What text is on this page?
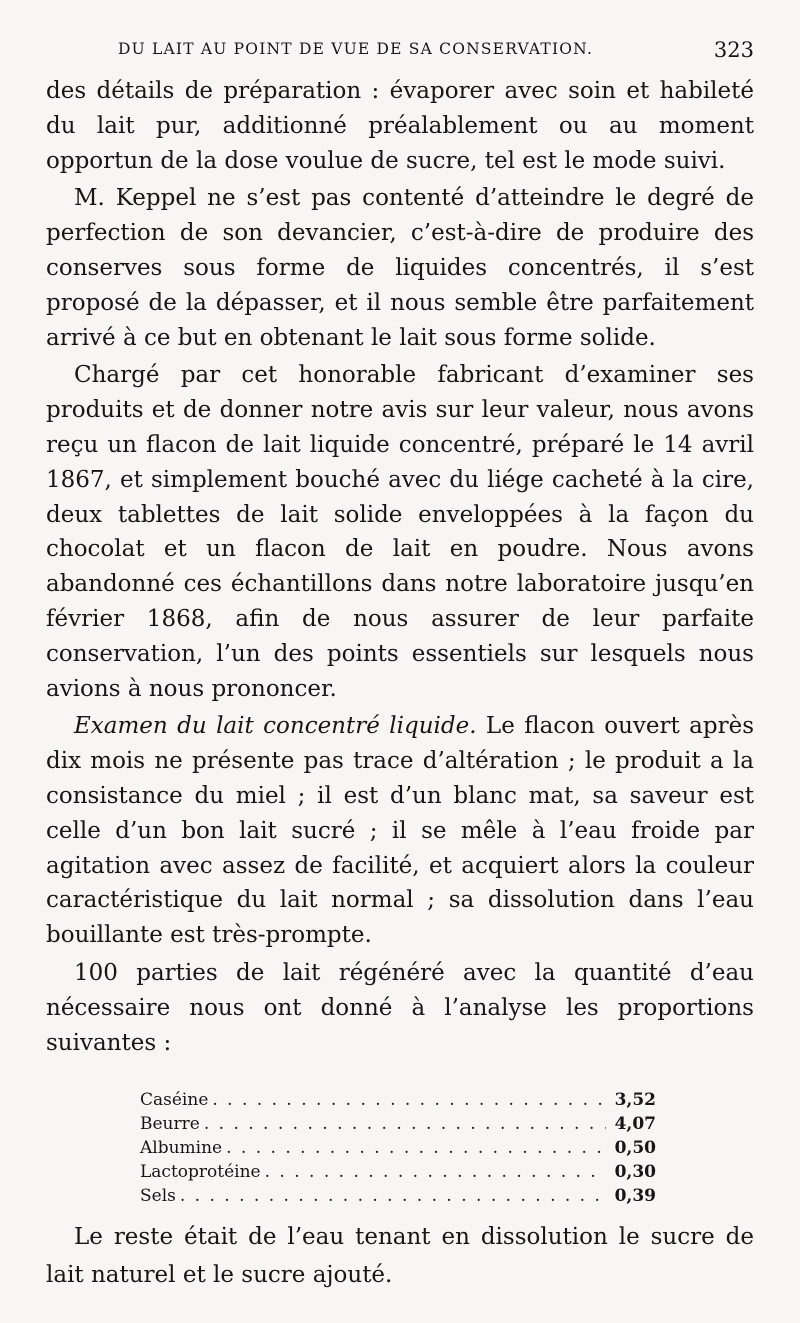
DU LAIT AU POINT DE VUE DE SA CONSERVATION.	323

des détails de préparation : évaporer avec soin et habileté du lait pur, additionné préalablement ou au moment opportun de la dose voulue de sucre, tel est le mode suivi.

M. Keppel ne s’est pas contenté d’atteindre le degré de perfection de son devancier, c’est-à-dire de produire des conserves sous forme de liquides concentrés, il s’est proposé de la dépasser, et il nous semble être parfaitement arrivé à ce but en obtenant le lait sous forme solide.

Chargé par cet honorable fabricant d’examiner ses produits et de donner notre avis sur leur valeur, nous avons reçu un flacon de lait liquide concentré, préparé le 14 avril 1867, et simplement bouché avec du liége cacheté à la cire, deux tablettes de lait solide enveloppées à la façon du chocolat et un flacon de lait en poudre. Nous avons abandonné ces échantillons dans notre laboratoire jusqu’en février 1868, afin de nous assurer de leur parfaite conservation, l’un des points essentiels sur lesquels nous avions à nous prononcer.

Examen du lait concentré liquide. Le flacon ouvert après dix mois ne présente pas trace d’altération ; le produit a la consistance du miel ; il est d’un blanc mat, sa saveur est celle d’un bon lait sucré ; il se mêle à l’eau froide par agitation avec assez de facilité, et acquiert alors la couleur caractéristique du lait normal ; sa dissolution dans l’eau bouillante est très-prompte.

100 parties de lait régénéré avec la quantité d’eau nécessaire nous ont donné à l’analyse les proportions suivantes :

Caséine . . .	3,52
Beurre . . .	4,07
Albumine . . .	0,50
Lactoprotéine . . .	0,30
Sels . . .	0,39

Le reste était de l’eau tenant en dissolution le sucre de lait naturel et le sucre ajouté.
